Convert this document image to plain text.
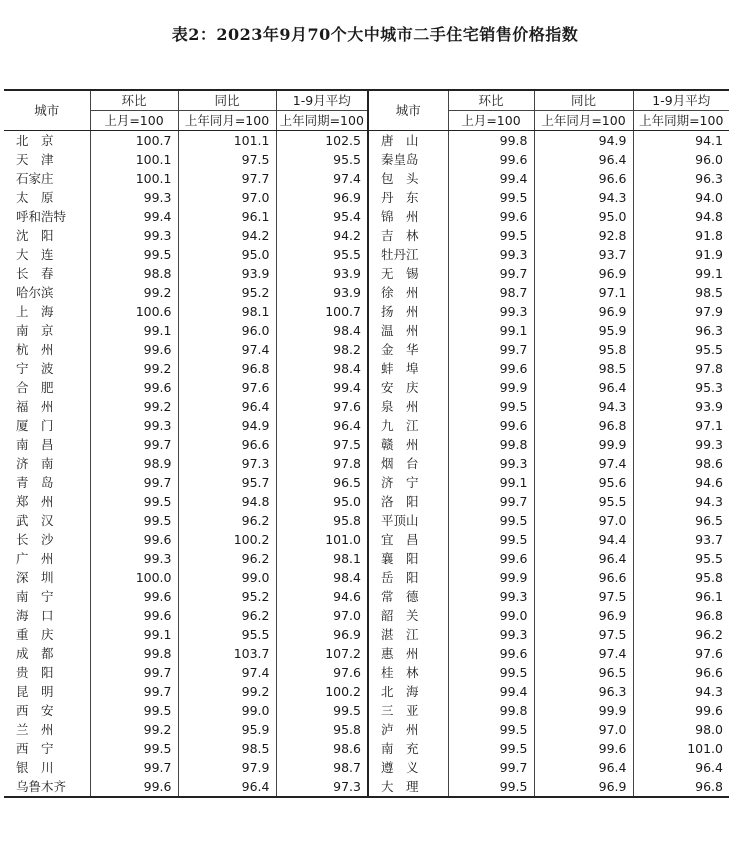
表2：2023年9月70个大中城市二手住宅销售价格指数
城市	环比	同比	1-9月平均	城市	环比	同比	1-9月平均
	上月=100	上年同月=100	上年同期=100		上月=100	上年同月=100	上年同期=100
北　京	100.7	101.1	102.5	唐　山	99.8	94.9	94.1
天　津	100.1	97.5	95.5	秦皇岛	99.6	96.4	96.0
石家庄	100.1	97.7	97.4	包　头	99.4	96.6	96.3
太　原	99.3	97.0	96.9	丹　东	99.5	94.3	94.0
呼和浩特	99.4	96.1	95.4	锦　州	99.6	95.0	94.8
沈　阳	99.3	94.2	94.2	吉　林	99.5	92.8	91.8
大　连	99.5	95.0	95.5	牡丹江	99.3	93.7	91.9
长　春	98.8	93.9	93.9	无　锡	99.7	96.9	99.1
哈尔滨	99.2	95.2	93.9	徐　州	98.7	97.1	98.5
上　海	100.6	98.1	100.7	扬　州	99.3	96.9	97.9
南　京	99.1	96.0	98.4	温　州	99.1	95.9	96.3
杭　州	99.6	97.4	98.2	金　华	99.7	95.8	95.5
宁　波	99.2	96.8	98.4	蚌　埠	99.6	98.5	97.8
合　肥	99.6	97.6	99.4	安　庆	99.9	96.4	95.3
福　州	99.2	96.4	97.6	泉　州	99.5	94.3	93.9
厦　门	99.3	94.9	96.4	九　江	99.6	96.8	97.1
南　昌	99.7	96.6	97.5	赣　州	99.8	99.9	99.3
济　南	98.9	97.3	97.8	烟　台	99.3	97.4	98.6
青　岛	99.7	95.7	96.5	济　宁	99.1	95.6	94.6
郑　州	99.5	94.8	95.0	洛　阳	99.7	95.5	94.3
武　汉	99.5	96.2	95.8	平顶山	99.5	97.0	96.5
长　沙	99.6	100.2	101.0	宜　昌	99.5	94.4	93.7
广　州	99.3	96.2	98.1	襄　阳	99.6	96.4	95.5
深　圳	100.0	99.0	98.4	岳　阳	99.9	96.6	95.8
南　宁	99.6	95.2	94.6	常　德	99.3	97.5	96.1
海　口	99.6	96.2	97.0	韶　关	99.0	96.9	96.8
重　庆	99.1	95.5	96.9	湛　江	99.3	97.5	96.2
成　都	99.8	103.7	107.2	惠　州	99.6	97.4	97.6
贵　阳	99.7	97.4	97.6	桂　林	99.5	96.5	96.6
昆　明	99.7	99.2	100.2	北　海	99.4	96.3	94.3
西　安	99.5	99.0	99.5	三　亚	99.8	99.9	99.6
兰　州	99.2	95.9	95.8	泸　州	99.5	97.0	98.0
西　宁	99.5	98.5	98.6	南　充	99.5	99.6	101.0
银　川	99.7	97.9	98.7	遵　义	99.7	96.4	96.4
乌鲁木齐	99.6	96.4	97.3	大　理	99.5	96.9	96.8
